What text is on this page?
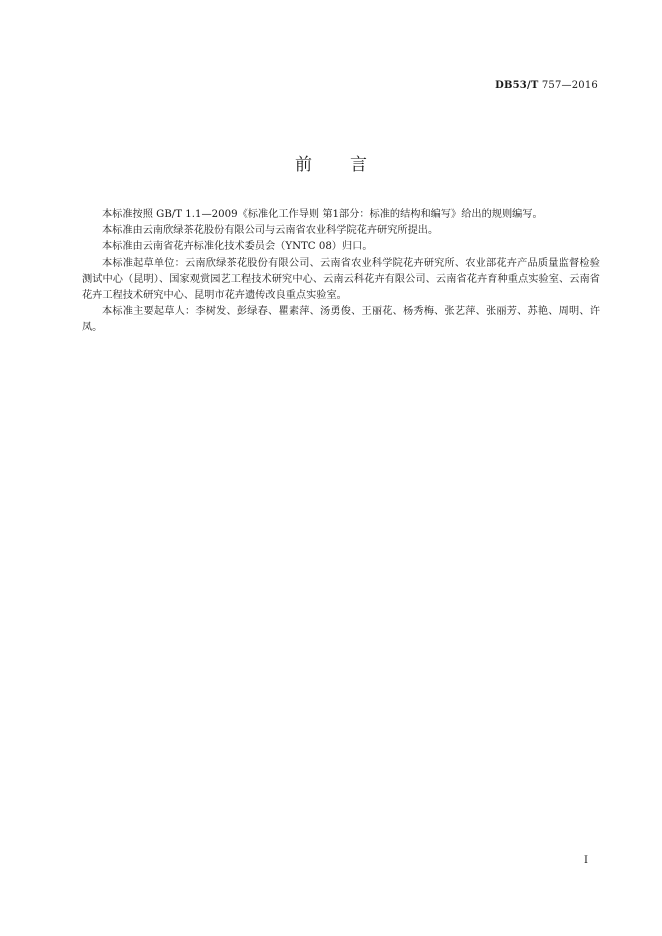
DB53/T 757—2016
前言

本标准按照 GB/T 1.1—2009《标准化工作导则 第1部分：标准的结构和编写》给出的规则编写。

本标准由云南欣绿茶花股份有限公司与云南省农业科学院花卉研究所提出。

本标准由云南省花卉标准化技术委员会（YNTC 08）归口。

本标准起草单位：云南欣绿茶花股份有限公司、云南省农业科学院花卉研究所、农业部花卉产品质量监督检验测试中心（昆明）、国家观赏园艺工程技术研究中心、云南云科花卉有限公司、云南省花卉育种重点实验室、云南省花卉工程技术研究中心、昆明市花卉遗传改良重点实验室。

本标准主要起草人：李树发、彭绿春、瞿素萍、汤勇俊、王丽花、杨秀梅、张艺萍、张丽芳、苏艳、周明、许凤。

I
